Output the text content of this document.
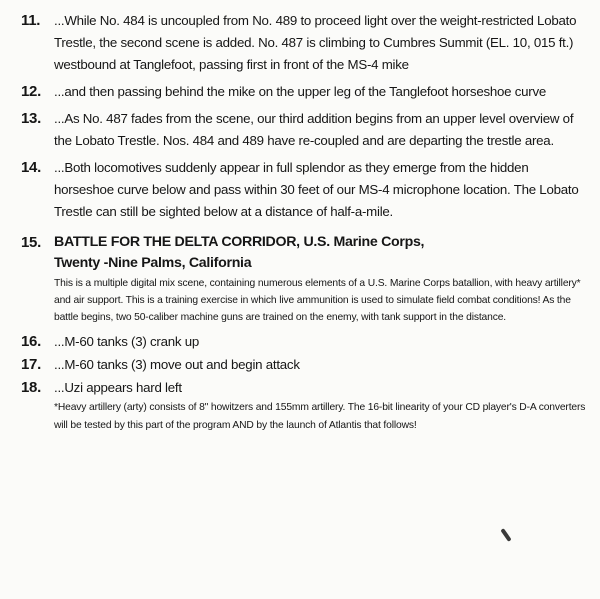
11.	...While No. 484 is uncoupled from No. 489 to proceed light over the weight-restricted Lobato Trestle, the second scene is added. No. 487 is climbing to Cumbres Summit (EL. 10, 015 ft.) westbound at Tanglefoot, passing first in front of the MS-4 mike
12. ...and then passing behind the mike on the upper leg of the Tanglefoot horseshoe curve
13. ...As No. 487 fades from the scene, our third addition begins from an upper level overview of the Lobato Trestle. Nos. 484 and 489 have re-coupled and are departing the trestle area.
14. ...Both locomotives suddenly appear in full splendor as they emerge from the hidden horseshoe curve below and pass within 30 feet of our MS-4 microphone location. The Lobato Trestle can still be sighted below at a distance of half-a-mile.
15. BATTLE FOR THE DELTA CORRIDOR, U.S. Marine Corps,
Twenty -Nine Palms, California
This is a multiple digital mix scene, containing numerous elements of a U.S. Marine Corps batallion, with heavy artillery* and air support. This is a training exercise in which live ammunition is used to simulate field combat conditions! As the battle begins, two 50-caliber machine guns are trained on the enemy, with tank support in the distance.
16. ...M-60 tanks (3) crank up
17. ...M-60 tanks (3) move out and begin attack
18. ...Uzi appears hard left
*Heavy artillery (arty) consists of 8" howitzers and 155mm artillery. The 16-bit linearity of your CD player's D-A converters will be tested by this part of the program AND by the launch of Atlantis that follows!
